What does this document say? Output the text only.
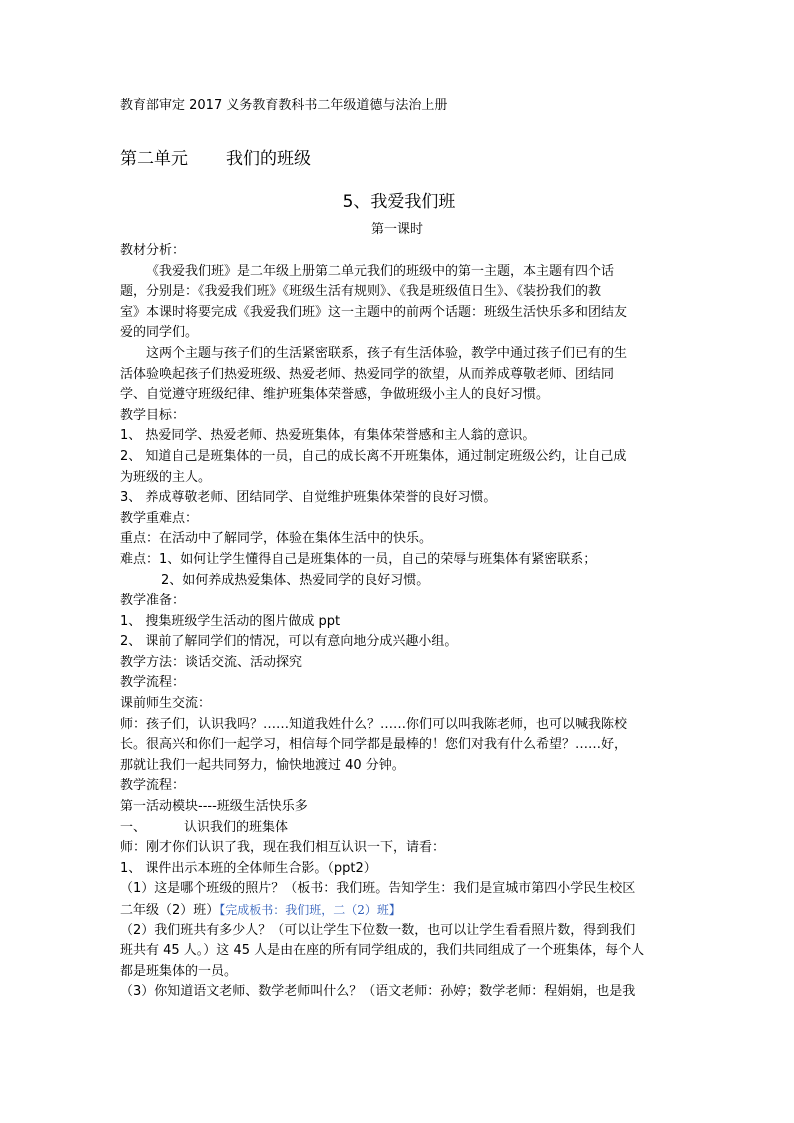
教育部审定 2017 义务教育教科书二年级道德与法治上册
第二单元 我们的班级
5、我爱我们班
第一课时
教材分析：
《我爱我们班》是二年级上册第二单元我们的班级中的第一主题，本主题有四个话
题，分别是：《我爱我们班》《班级生活有规则》、《我是班级值日生》、《装扮我们的教
室》本课时将要完成《我爱我们班》这一主题中的前两个话题：班级生活快乐多和团结友
爱的同学们。
这两个主题与孩子们的生活紧密联系，孩子有生活体验，教学中通过孩子们已有的生
活体验唤起孩子们热爱班级、热爱老师、热爱同学的欲望，从而养成尊敬老师、团结同
学、自觉遵守班级纪律、维护班集体荣誉感，争做班级小主人的良好习惯。
教学目标：
1、 热爱同学、热爱老师、热爱班集体，有集体荣誉感和主人翁的意识。
2、 知道自己是班集体的一员，自己的成长离不开班集体，通过制定班级公约，让自己成
为班级的主人。
3、 养成尊敬老师、团结同学、自觉维护班集体荣誉的良好习惯。
教学重难点：
重点：在活动中了解同学，体验在集体生活中的快乐。
难点：1、如何让学生懂得自己是班集体的一员，自己的荣辱与班集体有紧密联系；
2、如何养成热爱集体、热爱同学的良好习惯。
教学准备：
1、 搜集班级学生活动的图片做成 ppt
2、 课前了解同学们的情况，可以有意向地分成兴趣小组。
教学方法：谈话交流、活动探究
教学流程：
课前师生交流：
师：孩子们，认识我吗？……知道我姓什么？……你们可以叫我陈老师，也可以喊我陈校
长。很高兴和你们一起学习，相信每个同学都是最棒的！您们对我有什么希望？……好，
那就让我们一起共同努力，愉快地渡过 40 分钟。
教学流程：
第一活动模块----班级生活快乐多
一、	认识我们的班集体
师：刚才你们认识了我，现在我们相互认识一下，请看：
1、 课件出示本班的全体师生合影。（ppt2）
（1）这是哪个班级的照片？（板书：我们班。告知学生：我们是宣城市第四小学民生校区
二年级（2）班）【完成板书：我们班，二（2）班】
（2）我们班共有多少人？（可以让学生下位数一数，也可以让学生看看照片数，得到我们
班共有 45 人。）这 45 人是由在座的所有同学组成的，我们共同组成了一个班集体，每个人
都是班集体的一员。
（3）你知道语文老师、数学老师叫什么？（语文老师：孙婷；数学老师：程娟娟，也是我
